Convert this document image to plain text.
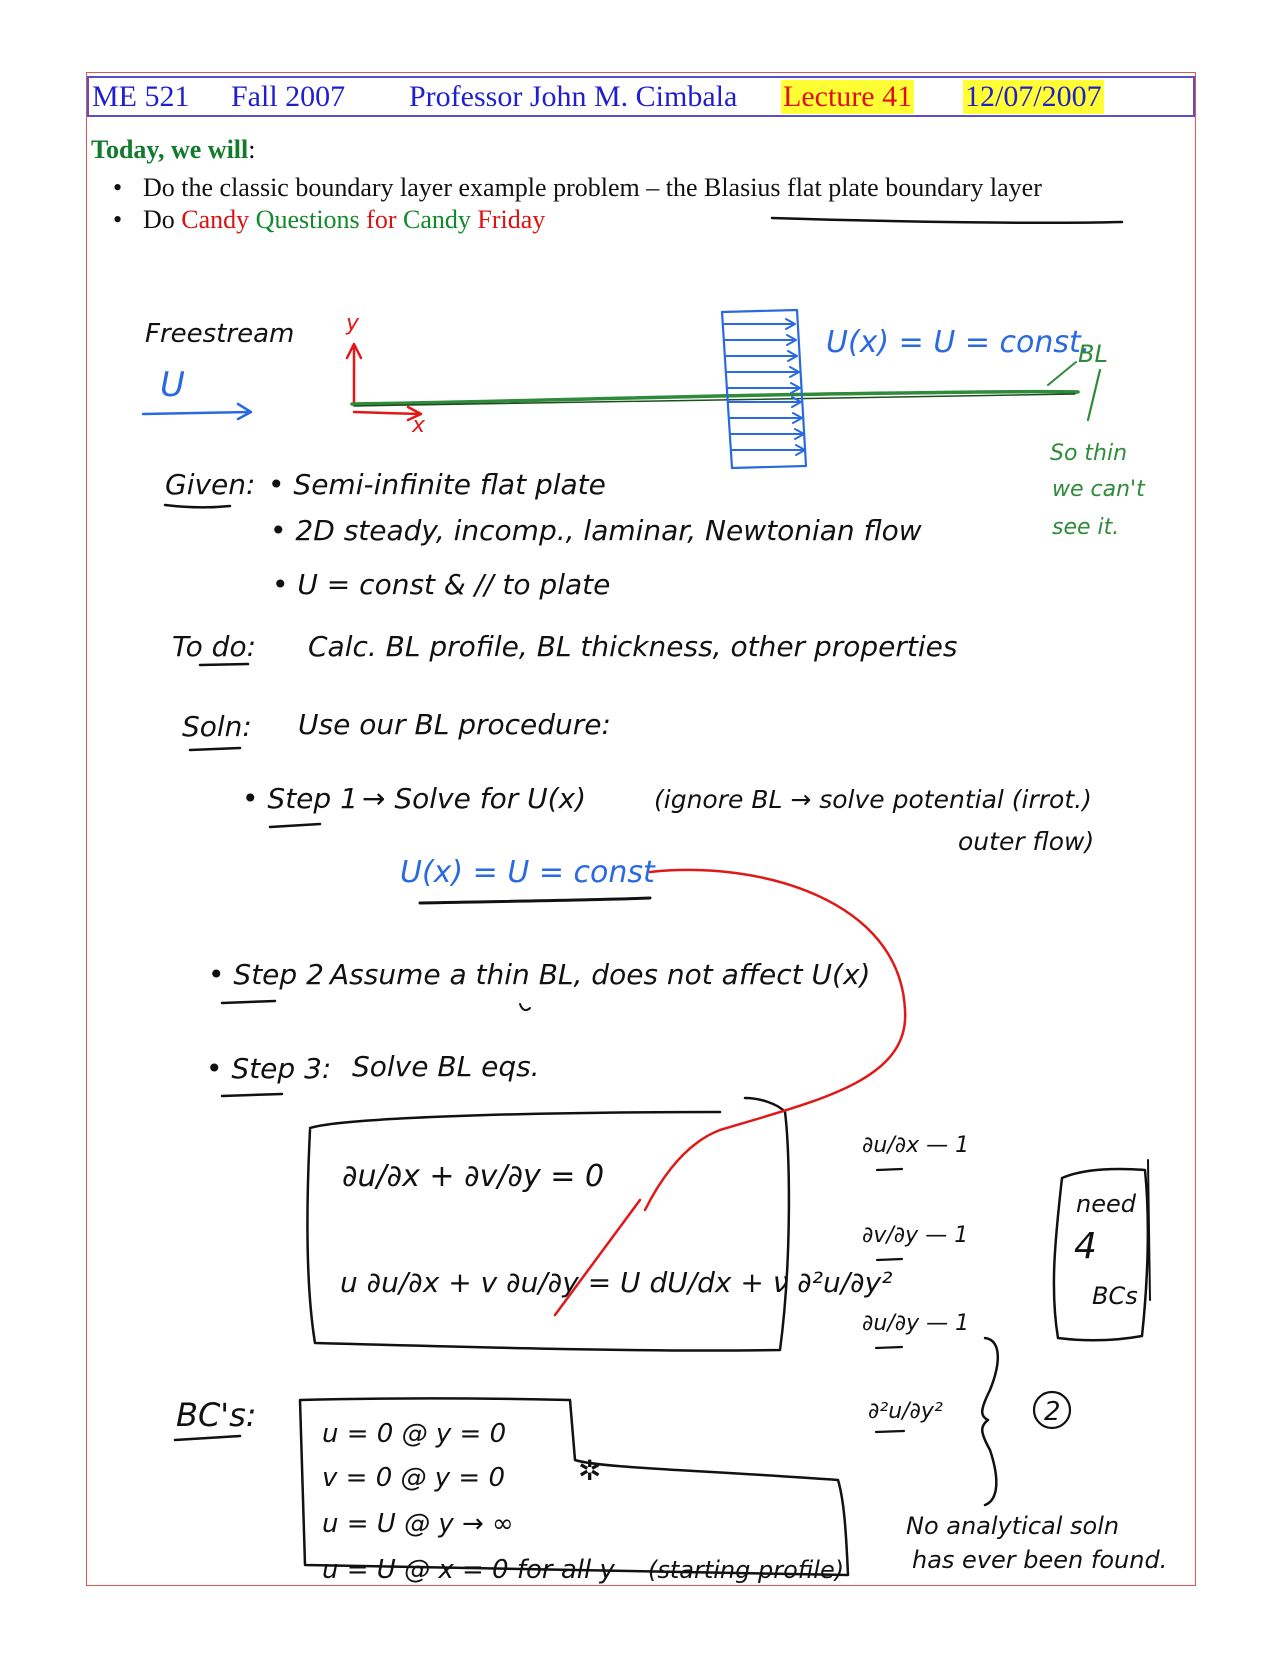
ME 521 Fall 2007 Professor John M. Cimbala Lecture 41 12/07/2007
Today, we will:
• Do the classic boundary layer example problem – the Blasius flat plate boundary layer
• Do Candy Questions for Candy Friday
Freestream
U
y
x
U(x) = U = const.
BL
So thin
we can't
see it.
Given: • Semi-infinite flat plate
• 2D steady, incomp., laminar, Newtonian flow
• U = const & // to plate
To do: Calc. BL profile, BL thickness, other properties
Soln: Use our BL procedure:
• Step 1 → Solve for U(x)	(ignore BL → solve potential (irrot.)
outer flow)
U(x) = U = const
• Step 2 Assume a thin BL, does not affect U(x)
• Step 3: Solve BL eqs.
∂u/∂x + ∂v/∂y = 0
u ∂u/∂x + v ∂u/∂y = U dU/dx + ν ∂²u/∂y²
∂u/∂x — 1
∂v/∂y — 1
∂u/∂y — 1
∂²u/∂y²	2
need
4
BCs
BC's:	u = 0 @ y = 0
v = 0 @ y = 0
u = U @ y → ∞
u = U @ x = 0 for all y (starting profile)
✲
No analytical soln
has ever been found.
